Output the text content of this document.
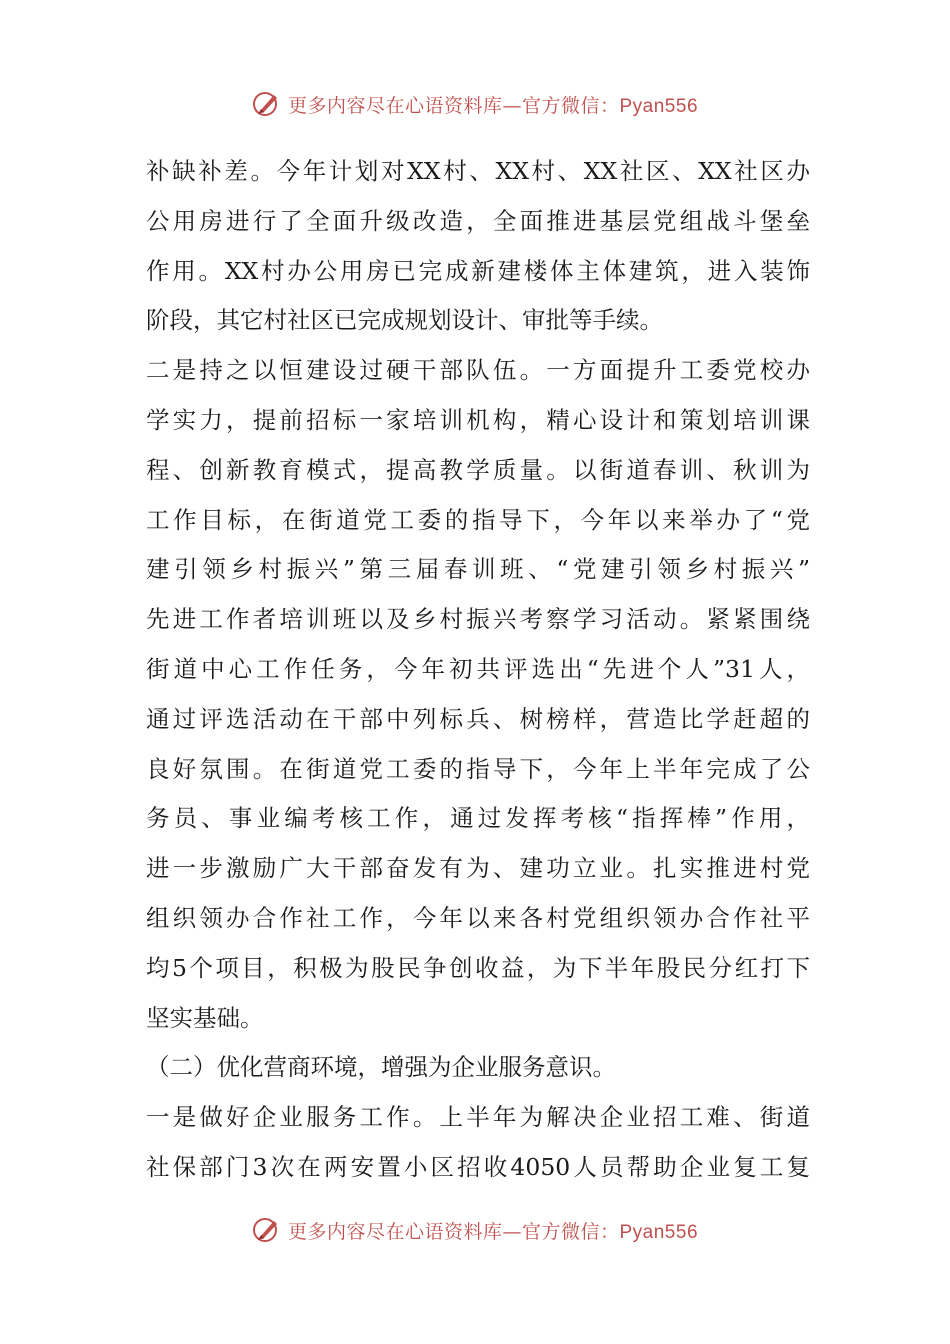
更多内容尽在心语资料库—官方微信：Pyan556
补缺补差。今年计划对XX村、XX村、XX社区、XX社区办
公用房进行了全面升级改造，全面推进基层党组战斗堡垒
作用。XX村办公用房已完成新建楼体主体建筑，进入装饰
阶段，其它村社区已完成规划设计、审批等手续。
二是持之以恒建设过硬干部队伍。一方面提升工委党校办
学实力，提前招标一家培训机构，精心设计和策划培训课
程、创新教育模式，提高教学质量。以街道春训、秋训为
工作目标，在街道党工委的指导下，今年以来举办了“党
建引领乡村振兴”第三届春训班、“党建引领乡村振兴”
先进工作者培训班以及乡村振兴考察学习活动。紧紧围绕
街道中心工作任务，今年初共评选出“先进个人”31人，
通过评选活动在干部中列标兵、树榜样，营造比学赶超的
良好氛围。在街道党工委的指导下，今年上半年完成了公
务员、事业编考核工作，通过发挥考核“指挥棒”作用，
进一步激励广大干部奋发有为、建功立业。扎实推进村党
组织领办合作社工作，今年以来各村党组织领办合作社平
均5个项目，积极为股民争创收益，为下半年股民分红打下
坚实基础。
（二）优化营商环境，增强为企业服务意识。
一是做好企业服务工作。上半年为解决企业招工难、街道
社保部门3次在两安置小区招收4050人员帮助企业复工复
更多内容尽在心语资料库—官方微信：Pyan556
